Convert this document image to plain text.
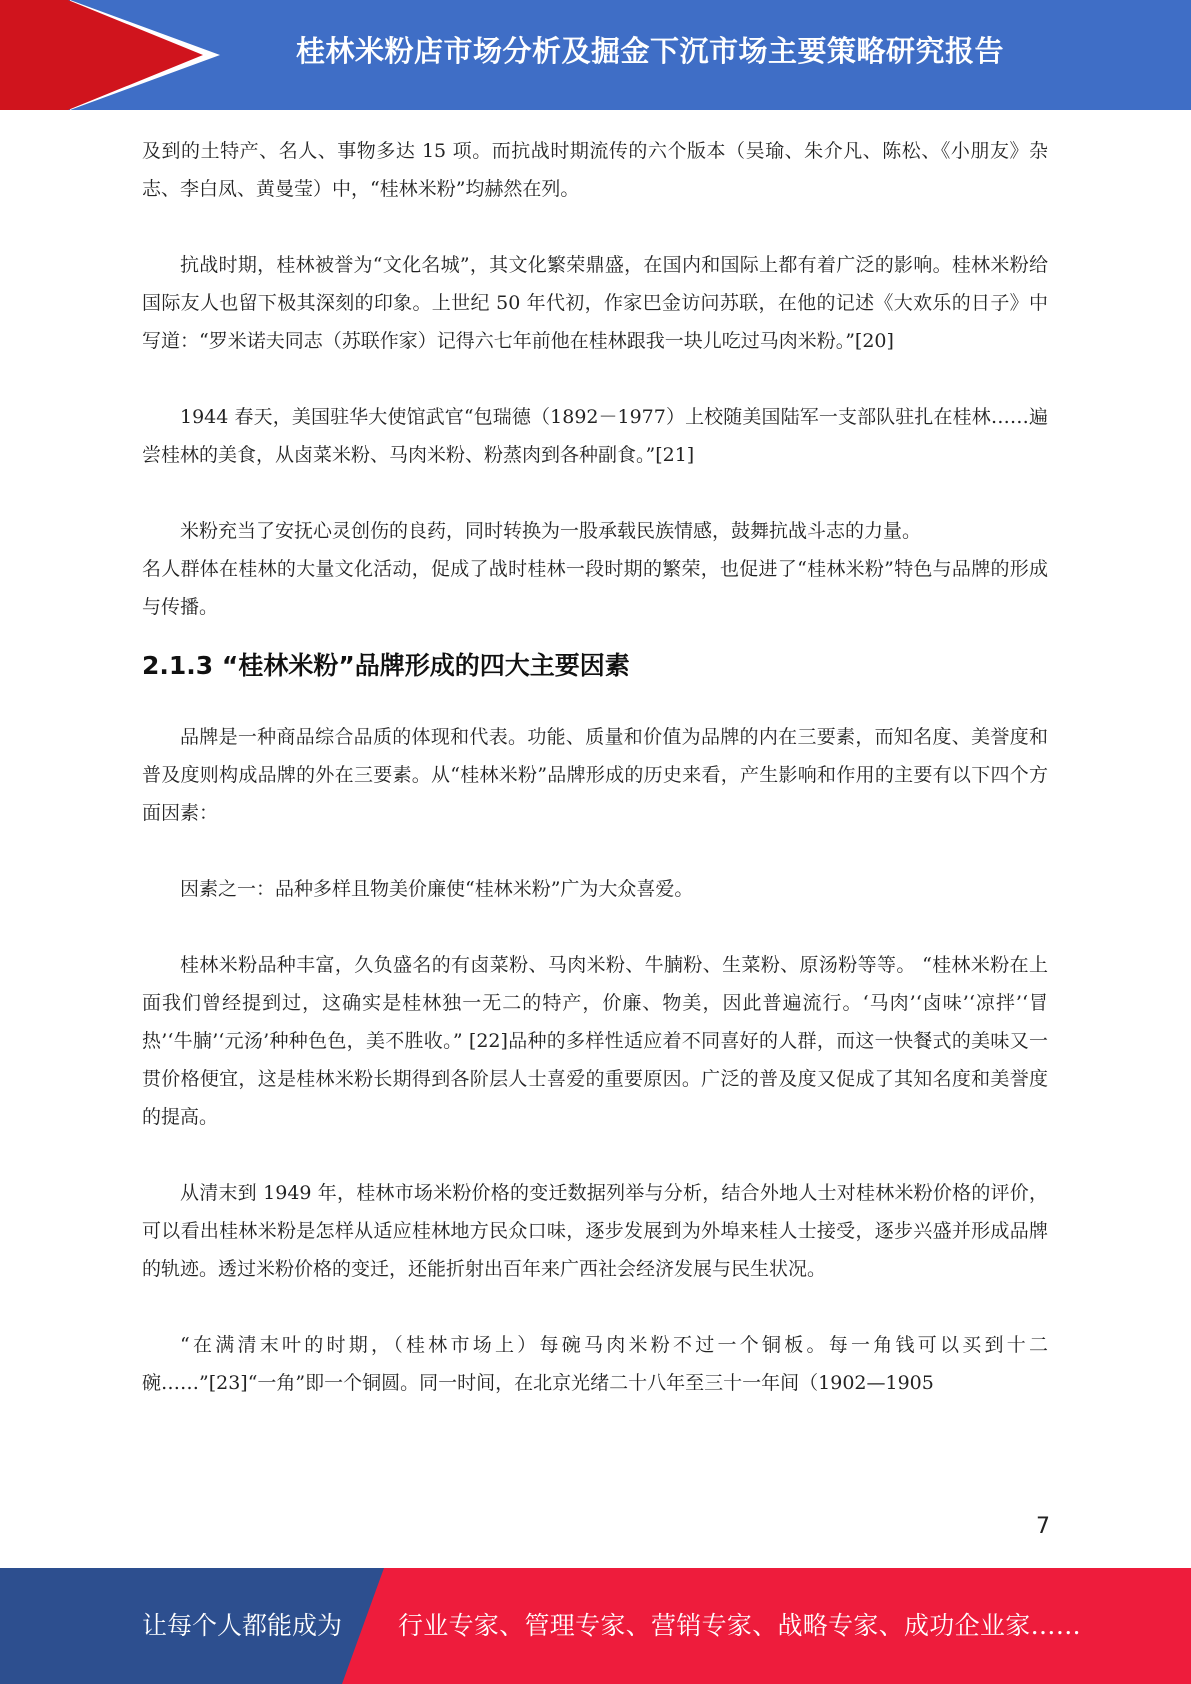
桂林米粉店市场分析及掘金下沉市场主要策略研究报告

及到的土特产、名人、事物多达 15 项。而抗战时期流传的六个版本（吴瑜、朱介凡、陈松、《小朋友》杂志、李白凤、黄曼莹）中，“桂林米粉”均赫然在列。

抗战时期，桂林被誉为“文化名城”，其文化繁荣鼎盛，在国内和国际上都有着广泛的影响。桂林米粉给国际友人也留下极其深刻的印象。上世纪 50 年代初，作家巴金访问苏联，在他的记述《大欢乐的日子》中写道：“罗米诺夫同志（苏联作家）记得六七年前他在桂林跟我一块儿吃过马肉米粉。”[20]

1944 春天，美国驻华大使馆武官“包瑞德（1892－1977）上校随美国陆军一支部队驻扎在桂林……遍尝桂林的美食，从卤菜米粉、马肉米粉、粉蒸肉到各种副食。”[21]

米粉充当了安抚心灵创伤的良药，同时转换为一股承载民族情感，鼓舞抗战斗志的力量。

名人群体在桂林的大量文化活动，促成了战时桂林一段时期的繁荣，也促进了“桂林米粉”特色与品牌的形成与传播。

2.1.3 “桂林米粉”品牌形成的四大主要因素

品牌是一种商品综合品质的体现和代表。功能、质量和价值为品牌的内在三要素，而知名度、美誉度和普及度则构成品牌的外在三要素。从“桂林米粉”品牌形成的历史来看，产生影响和作用的主要有以下四个方面因素：

因素之一：品种多样且物美价廉使“桂林米粉”广为大众喜爱。

桂林米粉品种丰富，久负盛名的有卤菜粉、马肉米粉、牛腩粉、生菜粉、原汤粉等等。 “桂林米粉在上面我们曾经提到过，这确实是桂林独一无二的特产，价廉、物美，因此普遍流行。‘马肉’‘卤味’‘凉拌’‘冒热’‘牛腩’‘元汤’种种色色，美不胜收。” [22]品种的多样性适应着不同喜好的人群，而这一快餐式的美味又一贯价格便宜，这是桂林米粉长期得到各阶层人士喜爱的重要原因。广泛的普及度又促成了其知名度和美誉度的提高。

从清末到 1949 年，桂林市场米粉价格的变迁数据列举与分析，结合外地人士对桂林米粉价格的评价，可以看出桂林米粉是怎样从适应桂林地方民众口味，逐步发展到为外埠来桂人士接受，逐步兴盛并形成品牌的轨迹。透过米粉价格的变迁，还能折射出百年来广西社会经济发展与民生状况。

“在满清末叶的时期，（桂林市场上）每碗马肉米粉不过一个铜板。每一角钱可以买到十二碗……”[23]“一角”即一个铜圆。同一时间，在北京光绪二十八年至三十一年间（1902—1905

7
让每个人都能成为 行业专家、管理专家、营销专家、战略专家、成功企业家……
